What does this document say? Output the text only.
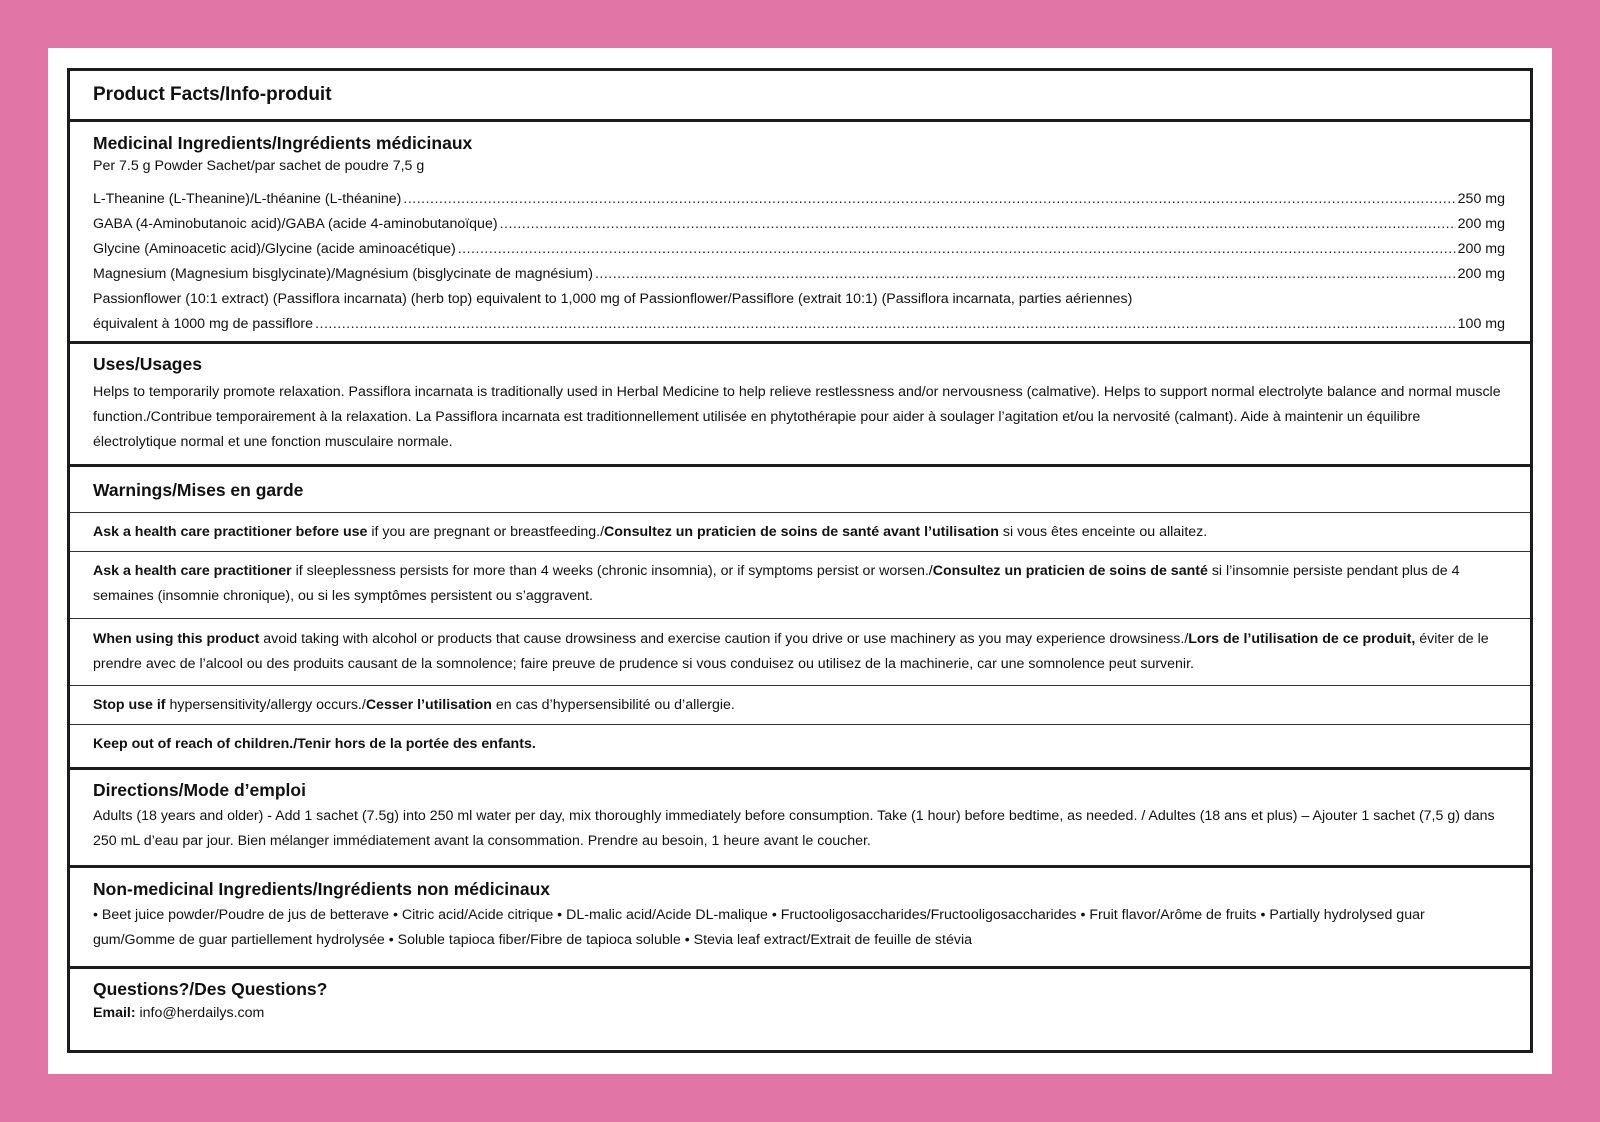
Product Facts/Info-produit
Medicinal Ingredients/Ingrédients médicinaux
Per 7.5 g Powder Sachet/par sachet de poudre 7,5 g
L-Theanine (L-Theanine)/L-théanine (L-théanine) .....	250 mg
GABA (4-Aminobutanoic acid)/GABA (acide 4-aminobutanoïque) .....	200 mg
Glycine (Aminoacetic acid)/Glycine (acide aminoacétique) .....	200 mg
Magnesium (Magnesium bisglycinate)/Magnésium (bisglycinate de magnésium) .....	200 mg
Passionflower (10:1 extract) (Passiflora incarnata) (herb top) equivalent to 1,000 mg of Passionflower/Passiflore (extrait 10:1) (Passiflora incarnata, parties aériennes)
équivalent à 1000 mg de passiflore .....	100 mg
Uses/Usages
Helps to temporarily promote relaxation. Passiflora incarnata is traditionally used in Herbal Medicine to help relieve restlessness and/or nervousness (calmative). Helps to support normal electrolyte balance and normal muscle function./Contribue temporairement à la relaxation. La Passiflora incarnata est traditionnellement utilisée en phytothérapie pour aider à soulager l’agitation et/ou la nervosité (calmant). Aide à maintenir un équilibre électrolytique normal et une fonction musculaire normale.
Warnings/Mises en garde
Ask a health care practitioner before use if you are pregnant or breastfeeding./Consultez un praticien de soins de santé avant l’utilisation si vous êtes enceinte ou allaitez.
Ask a health care practitioner if sleeplessness persists for more than 4 weeks (chronic insomnia), or if symptoms persist or worsen./Consultez un praticien de soins de santé si l’insomnie persiste pendant plus de 4 semaines (insomnie chronique), ou si les symptômes persistent ou s’aggravent.
When using this product avoid taking with alcohol or products that cause drowsiness and exercise caution if you drive or use machinery as you may experience drowsiness./Lors de l’utilisation de ce produit, éviter de le prendre avec de l’alcool ou des produits causant de la somnolence; faire preuve de prudence si vous conduisez ou utilisez de la machinerie, car une somnolence peut survenir.
Stop use if hypersensitivity/allergy occurs./Cesser l’utilisation en cas d’hypersensibilité ou d’allergie.
Keep out of reach of children./Tenir hors de la portée des enfants.
Directions/Mode d’emploi
Adults (18 years and older) - Add 1 sachet (7.5g) into 250 ml water per day, mix thoroughly immediately before consumption. Take (1 hour) before bedtime, as needed. / Adultes (18 ans et plus) – Ajouter 1 sachet (7,5 g) dans 250 mL d’eau par jour. Bien mélanger immédiatement avant la consommation. Prendre au besoin, 1 heure avant le coucher.
Non-medicinal Ingredients/Ingrédients non médicinaux
• Beet juice powder/Poudre de jus de betterave • Citric acid/Acide citrique • DL-malic acid/Acide DL-malique • Fructooligosaccharides/Fructooligosaccharides • Fruit flavor/Arôme de fruits • Partially hydrolysed guar gum/Gomme de guar partiellement hydrolysée • Soluble tapioca fiber/Fibre de tapioca soluble • Stevia leaf extract/Extrait de feuille de stévia
Questions?/Des Questions?
Email: info@herdailys.com
